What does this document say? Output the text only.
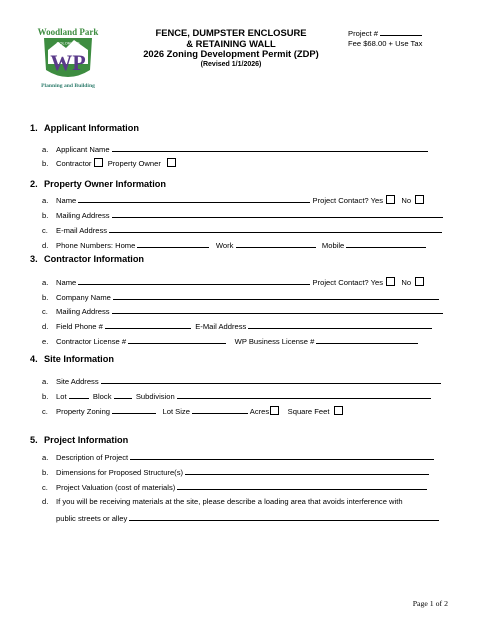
Woodland Park
COLORADO
WP
Planning and Building
FENCE, DUMPSTER ENCLOSURE
& RETAINING WALL
2026 Zoning Development Permit (ZDP)
(Revised 1/1/2026)
Project #
Fee $68.00 + Use Tax
1. Applicant Information
a. Applicant Name
b. Contractor Property Owner
2. Property Owner Information
a. Name	Project Contact? Yes No
b. Mailing Address
c. E-mail Address
d. Phone Numbers: Home	Work	Mobile
3. Contractor Information
a. Name	Project Contact? Yes No
b. Company Name
c. Mailing Address
d. Field Phone #	E-Mail Address
e. Contractor License #	WP Business License #
4. Site Information
a. Site Address
b. Lot	Block	Subdivision
c. Property Zoning	Lot Size	Acres Square Feet
5. Project Information
a. Description of Project
b. Dimensions for Proposed Structure(s)
c. Project Valuation (cost of materials)
d. If you will be receiving materials at the site, please describe a loading area that avoids interference with
public streets or alley
Page 1 of 2
